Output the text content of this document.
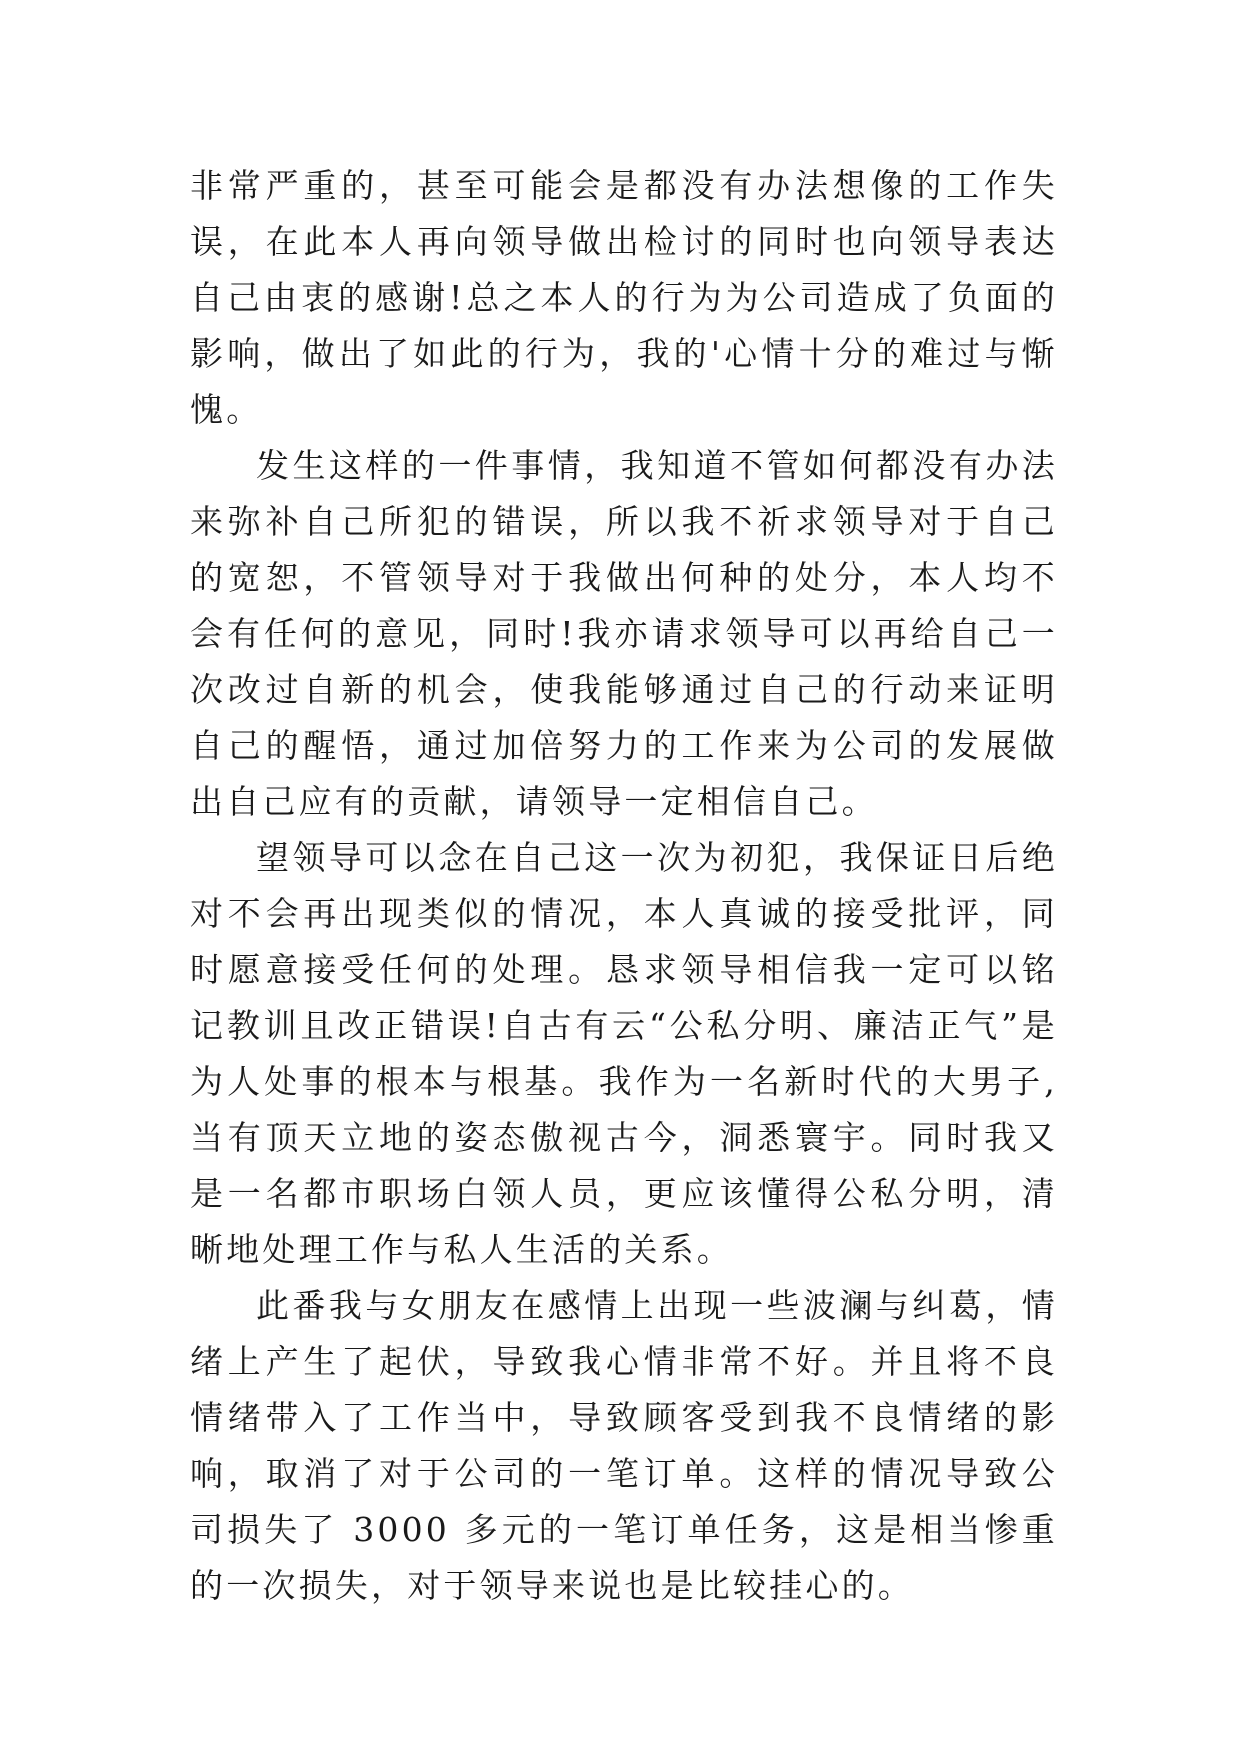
非常严重的，甚至可能会是都没有办法想像的工作失误，在此本人再向领导做出检讨的同时也向领导表达自己由衷的感谢!总之本人的行为为公司造成了负面的影响，做出了如此的行为，我的'心情十分的难过与惭愧。

发生这样的一件事情，我知道不管如何都没有办法来弥补自己所犯的错误，所以我不祈求领导对于自己的宽恕，不管领导对于我做出何种的处分，本人均不会有任何的意见，同时!我亦请求领导可以再给自己一次改过自新的机会，使我能够通过自己的行动来证明自己的醒悟，通过加倍努力的工作来为公司的发展做出自己应有的贡献，请领导一定相信自己。

望领导可以念在自己这一次为初犯，我保证日后绝对不会再出现类似的情况，本人真诚的接受批评，同时愿意接受任何的处理。恳求领导相信我一定可以铭记教训且改正错误!自古有云“公私分明、廉洁正气”是为人处事的根本与根基。我作为一名新时代的大男子,当有顶天立地的姿态傲视古今，洞悉寰宇。同时我又是一名都市职场白领人员，更应该懂得公私分明，清晰地处理工作与私人生活的关系。

此番我与女朋友在感情上出现一些波澜与纠葛，情绪上产生了起伏，导致我心情非常不好。并且将不良情绪带入了工作当中，导致顾客受到我不良情绪的影响，取消了对于公司的一笔订单。这样的情况导致公司损失了 3000 多元的一笔订单任务，这是相当惨重的一次损失，对于领导来说也是比较挂心的。
